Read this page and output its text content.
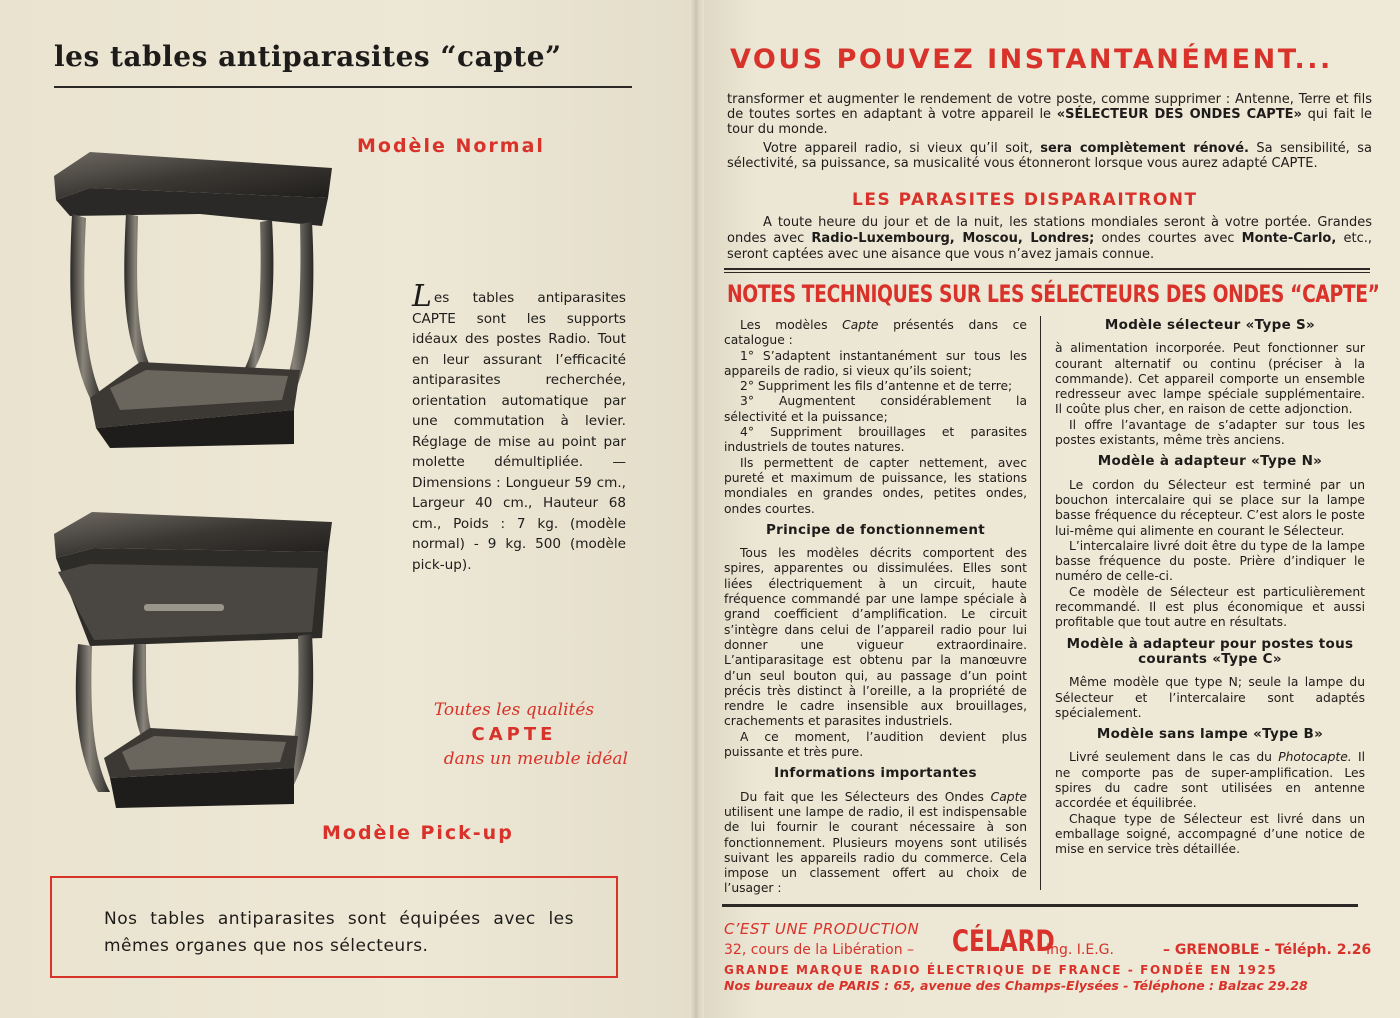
les tables antiparasites “capte”
Modèle Normal
Les tables antiparasites CAPTE sont les supports idéaux des postes Radio. Tout en leur assurant l’efficacité antiparasites recherchée, orientation automatique par une commutation à levier. Réglage de mise au point par molette démultipliée. — Dimensions : Longueur 59 cm., Largeur 40 cm., Hauteur 68 cm., Poids : 7 kg. (modèle normal) - 9 kg. 500 (modèle pick-up).
Toutes les qualités
CAPTE
dans un meuble idéal
Modèle Pick-up
Nos tables antiparasites sont équipées avec les mêmes organes que nos sélecteurs.
VOUS POUVEZ INSTANTANÉMENT...

transformer et augmenter le rendement de votre poste, comme supprimer : Antenne, Terre et fils de toutes sortes en adaptant à votre appareil le «SÉLECTEUR DES ONDES CAPTE» qui fait le tour du monde.

Votre appareil radio, si vieux qu’il soit, sera complètement rénové. Sa sensibilité, sa sélectivité, sa puissance, sa musicalité vous étonneront lorsque vous aurez adapté CAPTE.

LES PARASITES DISPARAITRONT
A toute heure du jour et de la nuit, les stations mondiales seront à votre portée. Grandes ondes avec Radio-Luxembourg, Moscou, Londres; ondes courtes avec Monte-Carlo, etc., seront captées avec une aisance que vous n’avez jamais connue.
NOTES TECHNIQUES SUR LES SÉLECTEURS DES ONDES “CAPTE”

Les modèles Capte présentés dans ce catalogue :

1° S’adaptent instantanément sur tous les appareils de radio, si vieux qu’ils soient;

2° Suppriment les fils d’antenne et de terre;

3° Augmentent considérablement la sélectivité et la puissance;

4° Suppriment brouillages et parasites industriels de toutes natures.

Ils permettent de capter nettement, avec pureté et maximum de puissance, les stations mondiales en grandes ondes, petites ondes, ondes courtes.

Principe de fonctionnement

Tous les modèles décrits comportent des spires, apparentes ou dissimulées. Elles sont liées électriquement à un circuit, haute fréquence commandé par une lampe spéciale à grand coefficient d’amplification. Le circuit s’intègre dans celui de l’appareil radio pour lui donner une vigueur extraordinaire. L’antiparasitage est obtenu par la manœuvre d’un seul bouton qui, au passage d’un point précis très distinct à l’oreille, a la propriété de rendre le cadre insensible aux brouillages, crachements et parasites industriels.

A ce moment, l’audition devient plus puissante et très pure.

Informations importantes

Du fait que les Sélecteurs des Ondes Capte utilisent une lampe de radio, il est indispensable de lui fournir le courant nécessaire à son fonctionnement. Plusieurs moyens sont utilisés suivant les appareils radio du commerce. Cela impose un classement offert au choix de l’usager :

Modèle sélecteur «Type S»

à alimentation incorporée. Peut fonctionner sur courant alternatif ou continu (préciser à la commande). Cet appareil comporte un ensemble redresseur avec lampe spéciale supplémentaire. Il coûte plus cher, en raison de cette adjonction.

Il offre l’avantage de s’adapter sur tous les postes existants, même très anciens.

Modèle à adapteur «Type N»

Le cordon du Sélecteur est terminé par un bouchon intercalaire qui se place sur la lampe basse fréquence du récepteur. C’est alors le poste lui-même qui alimente en courant le Sélecteur.

L’intercalaire livré doit être du type de la lampe basse fréquence du poste. Prière d’indiquer le numéro de celle-ci.

Ce modèle de Sélecteur est particulièrement recommandé. Il est plus économique et aussi profitable que tout autre en résultats.

Modèle à adapteur pour postes tous courants «Type C»

Même modèle que type N; seule la lampe du Sélecteur et l’intercalaire sont adaptés spécialement.

Modèle sans lampe «Type B»

Livré seulement dans le cas du Photocapte. Il ne comporte pas de super-amplification. Les spires du cadre sont utilisées en antenne accordée et équilibrée.

Chaque type de Sélecteur est livré dans un emballage soigné, accompagné d’une notice de mise en service très détaillée.

C’EST UNE PRODUCTION
32, cours de la Libération – CÉLARD
Ing. I.E.G.	– GRENOBLE - Téléph. 2.26
GRANDE MARQUE RADIO ÉLECTRIQUE DE FRANCE - FONDÉE EN 1925
Nos bureaux de PARIS : 65, avenue des Champs-Elysées - Téléphone : Balzac 29.28
